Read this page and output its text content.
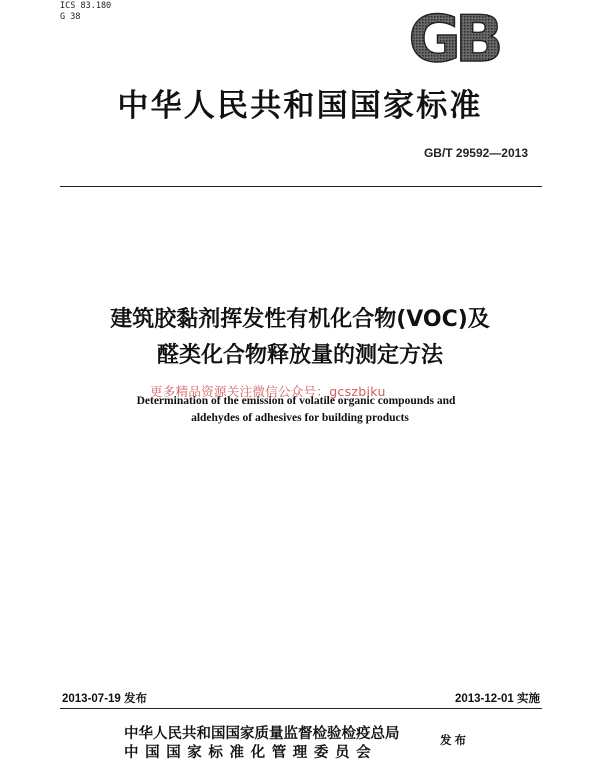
ICS 83.180
G 38	GB
中华人民共和国国家标准
GB/T 29592—2013
建筑胶黏剂挥发性有机化合物(VOC)及
醛类化合物释放量的测定方法
Determination of the emission of volatile organic compounds and
aldehydes of adhesives for building products
更多精品资源关注微信公众号：gcszbiku
2013-07-19 发布	2013-12-01 实施
中华人民共和国国家质量监督检验检疫总局
中国国家标准化管理委员会
发布
